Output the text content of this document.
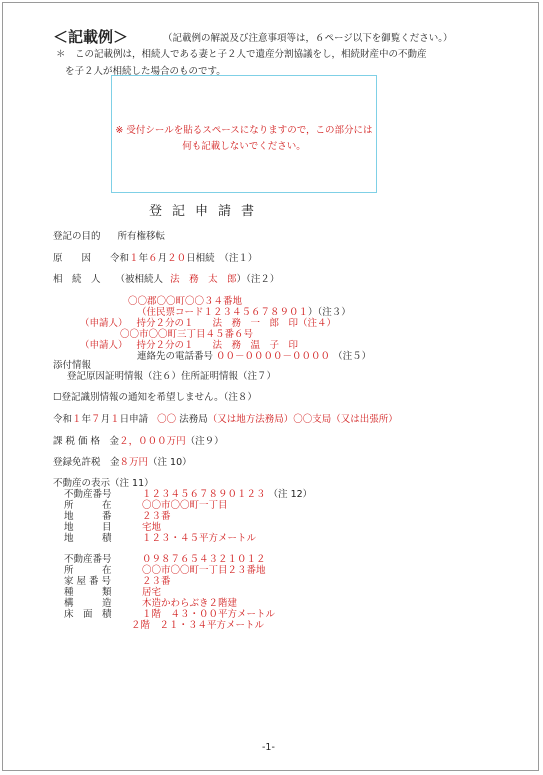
＜記載例＞	（記載例の解説及び注意事項等は，６ページ以下を御覧ください。）
＊　この記載例は，相続人である妻と子２人で遺産分割協議をし，相続財産中の不動産
を子２人が相続した場合のものです。
※ 受付シールを貼るスペースになりますので，この部分には
何も記載しないでください。
登記申請書
登記の目的 所有権移転
原　　因 令和１年６月２０日相続　（注１）
相　続　人 （被相続人 法　務　太　郎）（注２）
〇〇郡〇〇町〇〇３４番地
（住民票コード１２３４５６７８９０１）（注３）
（申請人） 持分２分の１　　法　務　一　郎　印（注４）
〇〇市〇〇町三丁目４５番６号
（申請人） 持分２分の１　　法　務　温　子　印
連絡先の電話番号 ００－００００－００００ （注５）
添付情報
登記原因証明情報（注６）住所証明情報（注７）
☐登記識別情報の通知を希望しません。（注８）
令和１年７月１日申請 〇〇 法務局（又は地方法務局）〇〇支局（又は出張所）
課 税 価 格　金２，０００万円（注９）
登録免許税　金８万円（注 10）
不動産の表示（注 11）
不動産番号	１２３４５６７８９０１２３ （注 12）
所　　　在	〇〇市〇〇町一丁目
地　　　番	２３番
地　　　目	宅地
地　　　積	１２３・４５平方メートル
不動産番号	０９８７６５４３２１０１２
所　　　在	〇〇市〇〇町一丁目２３番地
家 屋 番 号	２３番
種　　　類	居宅
構　　　造	木造かわらぶき２階建
床　面　積	１階　４３・００平方メートル
２階　２１・３４平方メートル
-1-
